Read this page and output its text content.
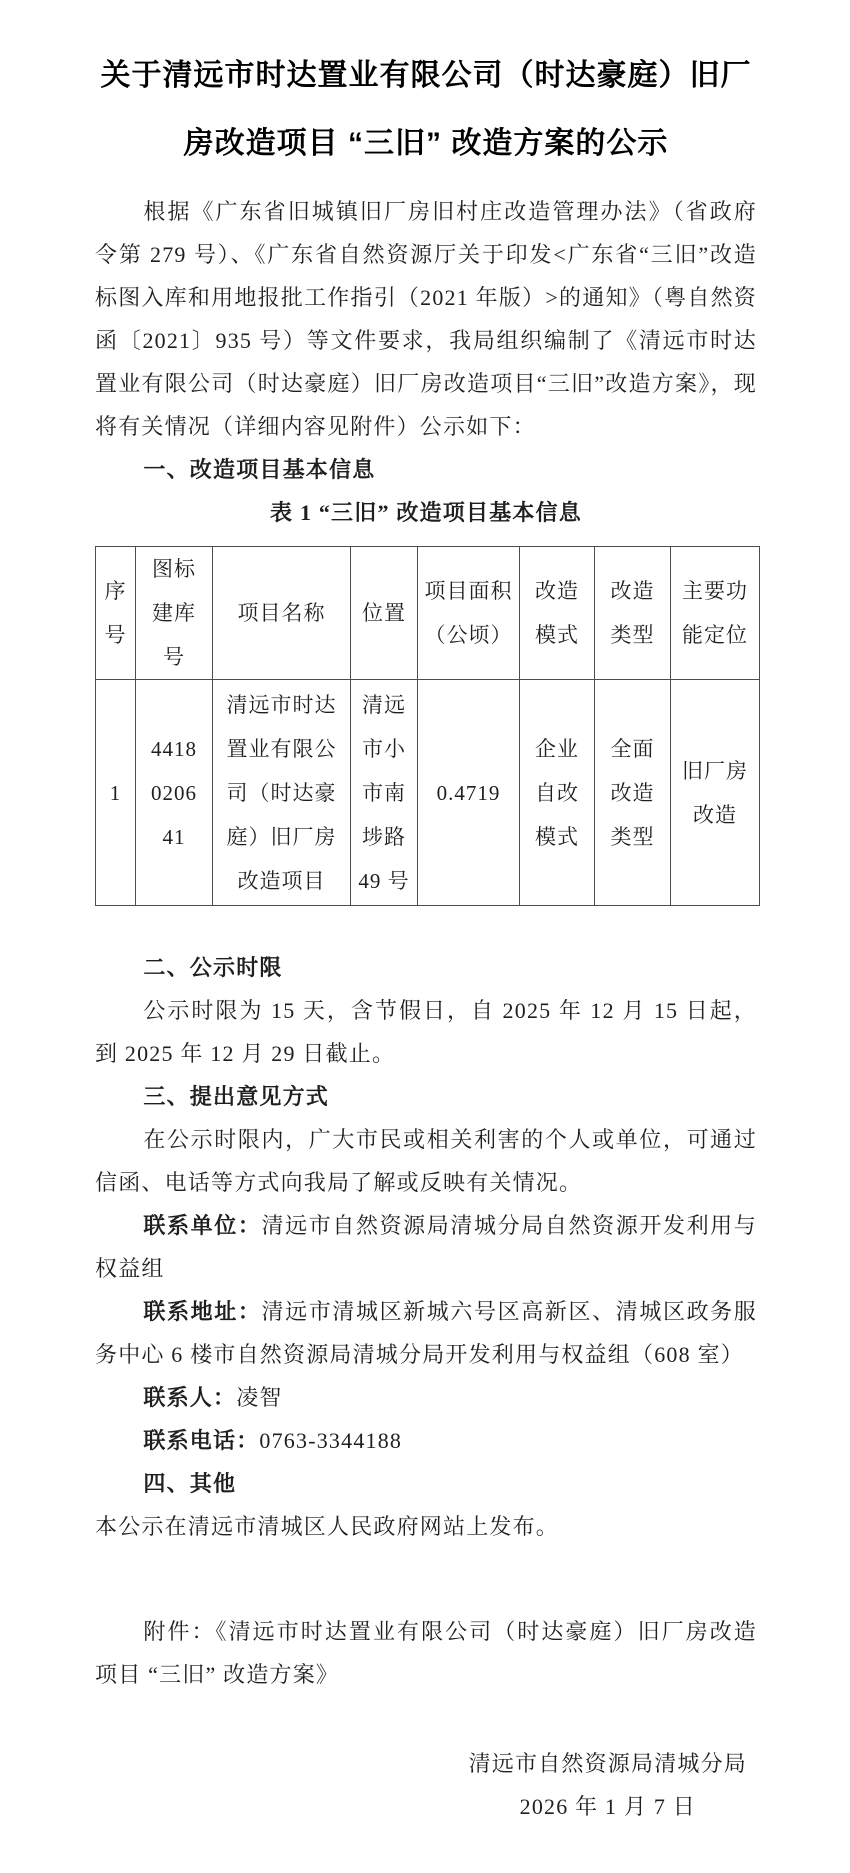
关于清远市时达置业有限公司（时达豪庭）旧厂
房改造项目 “三旧” 改造方案的公示

根据《广东省旧城镇旧厂房旧村庄改造管理办法》（省政府令第 279 号）、《广东省自然资源厅关于印发<广东省“三旧”改造标图入库和用地报批工作指引（2021 年版）>的通知》（粤自然资函〔2021〕935 号）等文件要求，我局组织编制了《清远市时达置业有限公司（时达豪庭）旧厂房改造项目“三旧”改造方案》，现将有关情况（详细内容见附件）公示如下：

一、改造项目基本信息

表 1 “三旧” 改造项目基本信息

序号	图标建库号	项目名称	位置	项目面积（公顷）	改造模式	改造类型	主要功能定位
1	4418020641	清远市时达置业有限公司（时达豪庭）旧厂房改造项目	清远市小市南埗路 49 号	0.4719	企业自改模式	全面改造类型	旧厂房改造

二、公示时限

公示时限为 15 天，含节假日，自 2025 年 12 月 15 日起，到 2025 年 12 月 29 日截止。

三、提出意见方式

在公示时限内，广大市民或相关利害的个人或单位，可通过信函、电话等方式向我局了解或反映有关情况。

联系单位：清远市自然资源局清城分局自然资源开发利用与权益组

联系地址：清远市清城区新城六号区高新区、清城区政务服务中心 6 楼市自然资源局清城分局开发利用与权益组（608 室）

联系人：凌智

联系电话：0763-3344188

四、其他

本公示在清远市清城区人民政府网站上发布。

附件：《清远市时达置业有限公司（时达豪庭）旧厂房改造项目 “三旧” 改造方案》

清远市自然资源局清城分局
2026 年 1 月 7 日
